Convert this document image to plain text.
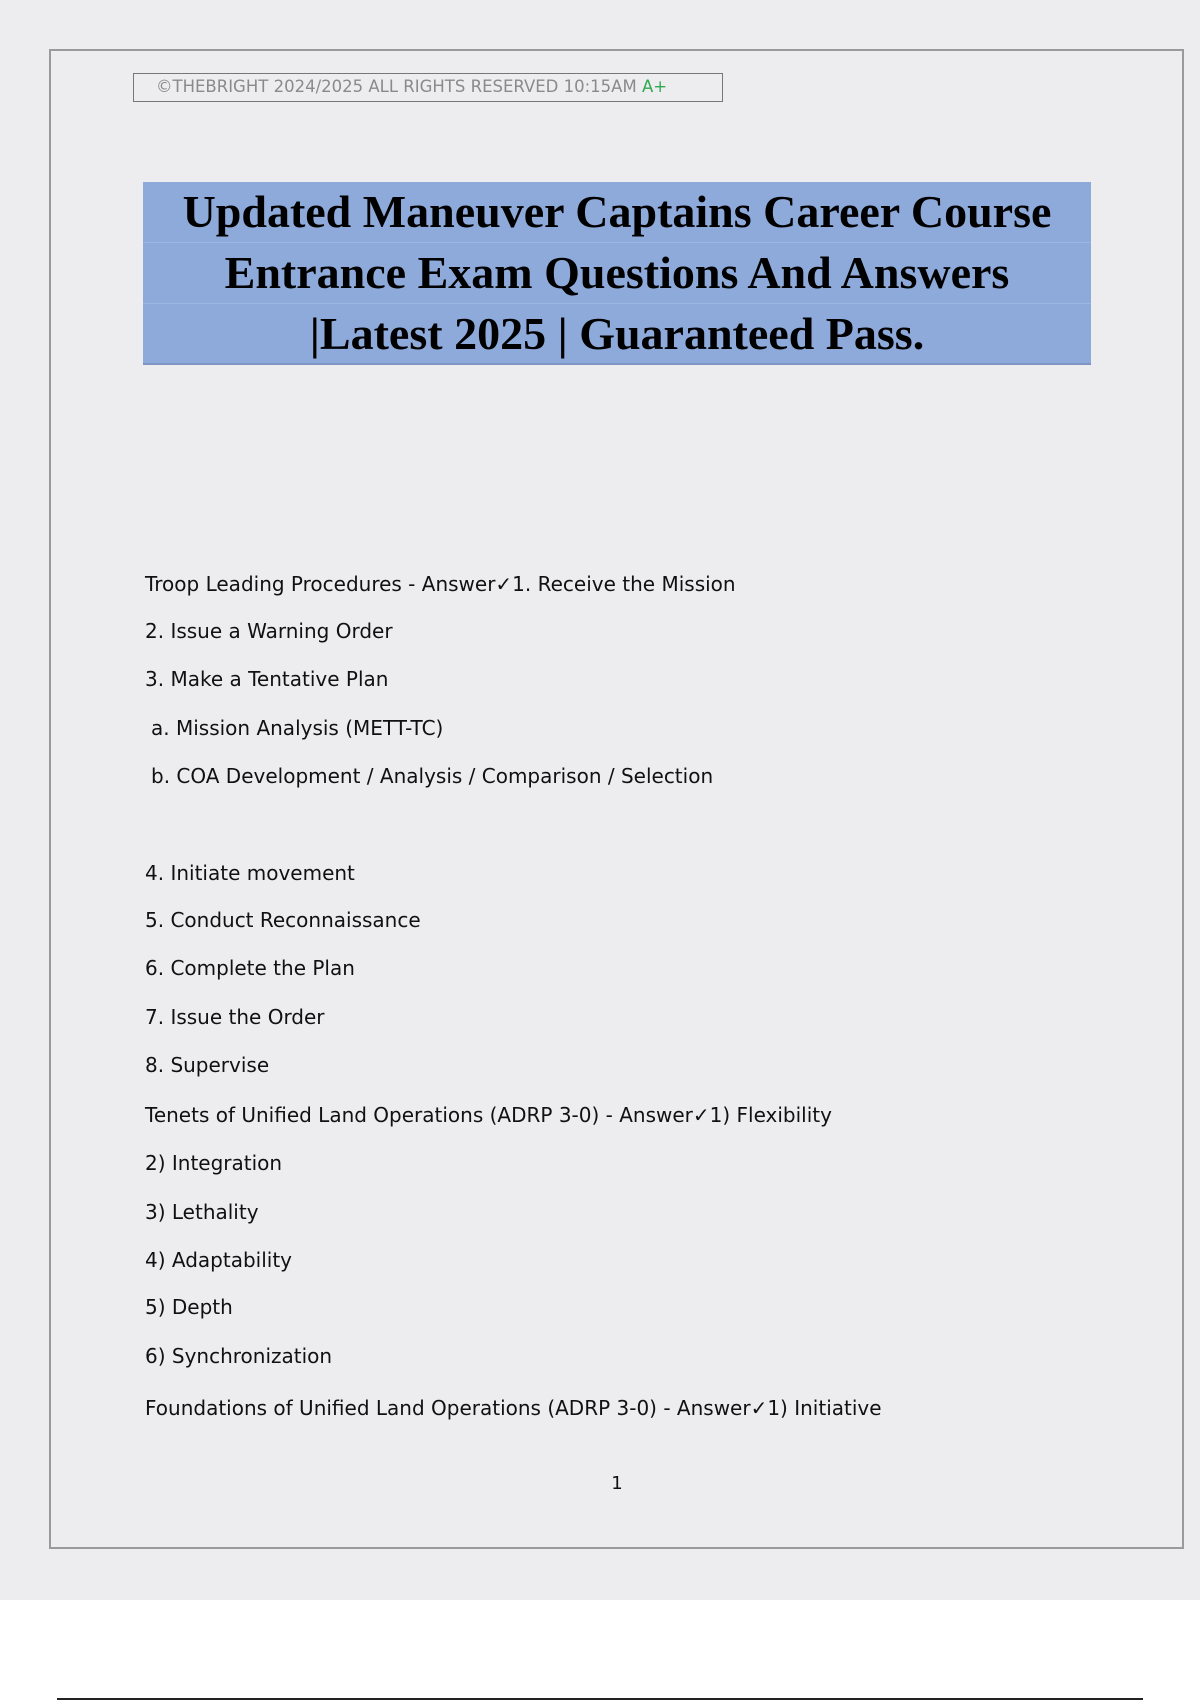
©THEBRIGHT 2024/2025 ALL RIGHTS RESERVED 10:15AM A+
Updated Maneuver Captains Career Course
Entrance Exam Questions And Answers
|Latest 2025 | Guaranteed Pass.
Troop Leading Procedures - Answer✓1. Receive the Mission
2. Issue a Warning Order
3. Make a Tentative Plan
a. Mission Analysis (METT-TC)
b. COA Development / Analysis / Comparison / Selection
4. Initiate movement
5. Conduct Reconnaissance
6. Complete the Plan
7. Issue the Order
8. Supervise
Tenets of Unified Land Operations (ADRP 3-0) - Answer✓1) Flexibility
2) Integration
3) Lethality
4) Adaptability
5) Depth
6) Synchronization
Foundations of Unified Land Operations (ADRP 3-0) - Answer✓1) Initiative
1
